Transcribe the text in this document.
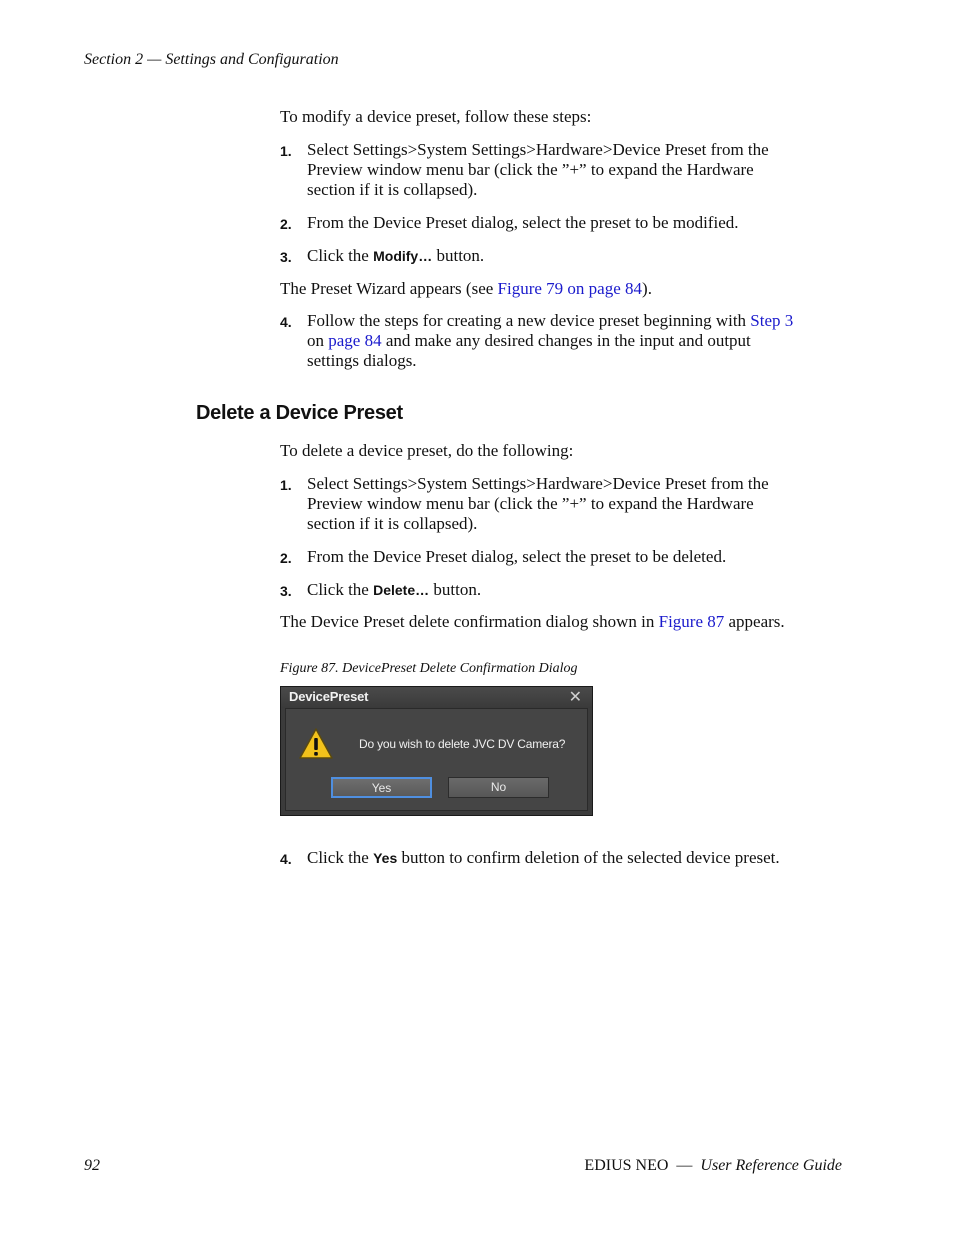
Section 2 — Settings and Configuration
To modify a device preset, follow these steps:
1. Select Settings>System Settings>Hardware>Device Preset from the
Preview window menu bar (click the ”+” to expand the Hardware
section if it is collapsed).
2. From the Device Preset dialog, select the preset to be modified.
3. Click the Modify… button.
The Preset Wizard appears (see Figure 79 on page 84).
4. Follow the steps for creating a new device preset beginning with Step 3
on page 84 and make any desired changes in the input and output
settings dialogs.
Delete a Device Preset
To delete a device preset, do the following:
1. Select Settings>System Settings>Hardware>Device Preset from the
Preview window menu bar (click the ”+” to expand the Hardware
section if it is collapsed).
2. From the Device Preset dialog, select the preset to be deleted.
3. Click the Delete… button.
The Device Preset delete confirmation dialog shown in Figure 87 appears.
Figure 87. DevicePreset Delete Confirmation Dialog
DevicePreset	✕
Do you wish to delete JVC DV Camera?
Yes	No
4. Click the Yes button to confirm deletion of the selected device preset.
92	EDIUS NEO — User Reference Guide
